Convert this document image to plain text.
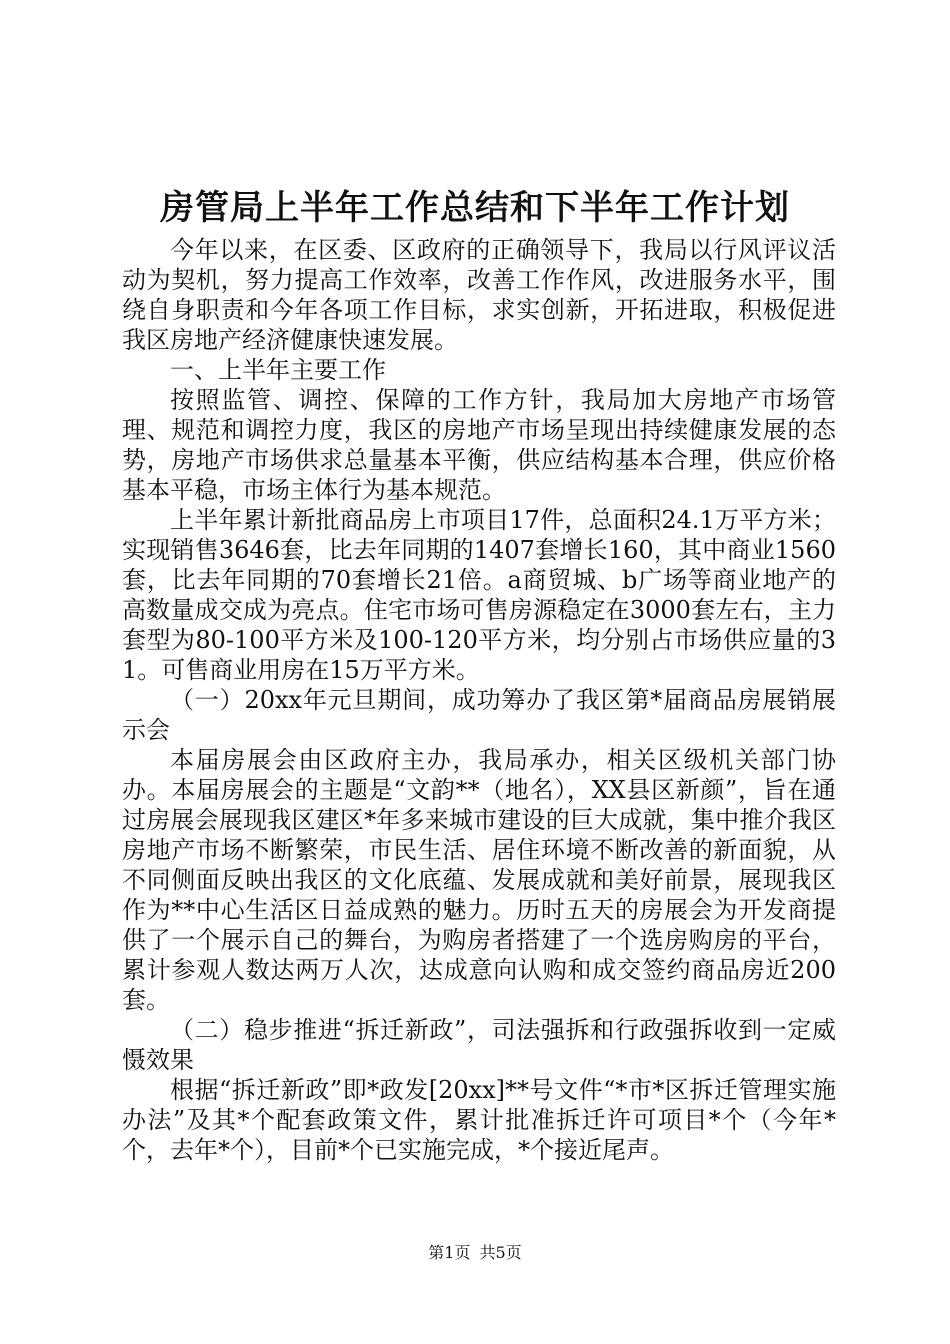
房管局上半年工作总结和下半年工作计划

今年以来，在区委、区政府的正确领导下，我局以行风评议活动为契机，努力提高工作效率，改善工作作风，改进服务水平，围绕自身职责和今年各项工作目标，求实创新，开拓进取，积极促进我区房地产经济健康快速发展。

一、上半年主要工作

按照监管、调控、保障的工作方针，我局加大房地产市场管理、规范和调控力度，我区的房地产市场呈现出持续健康发展的态势，房地产市场供求总量基本平衡，供应结构基本合理，供应价格基本平稳，市场主体行为基本规范。

上半年累计新批商品房上市项目17件，总面积24.1万平方米；实现销售3646套，比去年同期的1407套增长160，其中商业1560套，比去年同期的70套增长21倍。a商贸城、b广场等商业地产的高数量成交成为亮点。住宅市场可售房源稳定在3000套左右，主力套型为80-100平方米及100-120平方米，均分别占市场供应量的31。可售商业用房在15万平方米。

（一）20xx年元旦期间，成功筹办了我区第*届商品房展销展示会

本届房展会由区政府主办，我局承办，相关区级机关部门协办。本届房展会的主题是“文韵**（地名），XX县区新颜”，旨在通过房展会展现我区建区*年多来城市建设的巨大成就，集中推介我区房地产市场不断繁荣，市民生活、居住环境不断改善的新面貌，从不同侧面反映出我区的文化底蕴、发展成就和美好前景，展现我区作为**中心生活区日益成熟的魅力。历时五天的房展会为开发商提供了一个展示自己的舞台，为购房者搭建了一个选房购房的平台，累计参观人数达两万人次，达成意向认购和成交签约商品房近200套。

（二）稳步推进“拆迁新政”，司法强拆和行政强拆收到一定威慑效果

根据“拆迁新政”即*政发[20xx]**号文件“*市*区拆迁管理实施办法”及其*个配套政策文件，累计批准拆迁许可项目*个（今年*个，去年*个），目前*个已实施完成，*个接近尾声。

第1页 共5页
